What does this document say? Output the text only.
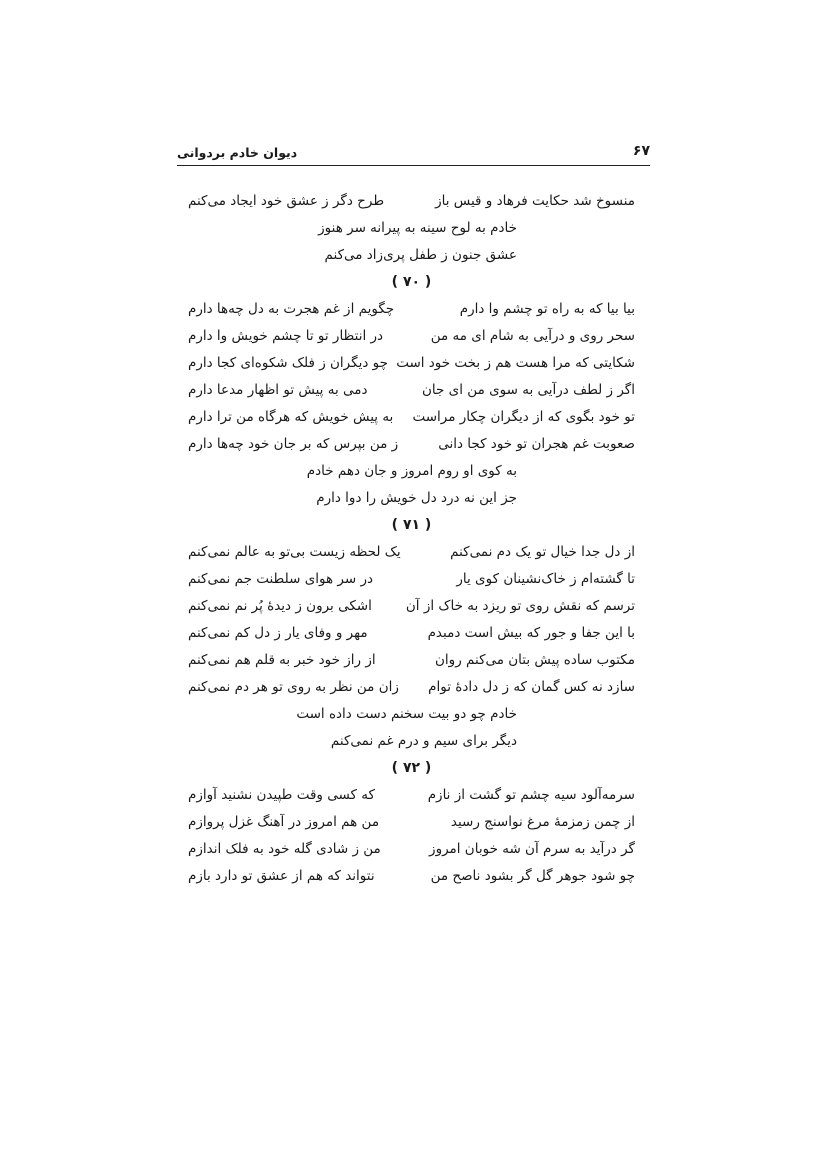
۶۷
دیوان خادم بردوانی
منسوخ شد حکایت فرهاد و قیس باز
طرح دگر ز عشق خود ایجاد می‌کنم
خادم به لوح سینه به پیرانه سر هنوز
عشق جنون ز طفل پری‌زاد می‌کنم
( ۷۰ )
بیا بیا که به راه تو چشم وا دارم
چگویم از غم هجرت به دل چه‌ها دارم
سحر روی و درآیی به شام ای مه من
در انتظار تو تا چشم خویش وا دارم
شکایتی که مرا هست هم ز بخت خود است
چو دیگران ز فلک شکوه‌ای کجا دارم
اگر ز لطف درآیی به سوی من ای جان
دمی به پیش تو اظهار مدعا دارم
تو خود بگوی که از دیگران چکار مراست
به پیش خویش که هرگاه من ترا دارم
صعوبت غم هجران تو خود کجا دانی
ز من بپرس که بر جان خود چه‌ها دارم
به کوی او روم امروز و جان دهم خادم
جز این نه درد دل خویش را دوا دارم
( ۷۱ )
از دل جدا خیال تو یک دم نمی‌کنم
یک لحظه زیست بی‌تو به عالم نمی‌کنم
تا گشته‌ام ز خاک‌نشینان کوی یار
در سر هوای سلطنت جم نمی‌کنم
ترسم که نقش روی تو ریزد به خاک از آن
اشکی برون ز دیدهٔ پُر نم نمی‌کنم
با این جفا و جور که بیش است دمبدم
مهر و وفای یار ز دل کم نمی‌کنم
مکتوب ساده پیش بتان می‌کنم روان
از راز خود خبر به قلم هم نمی‌کنم
سازد نه کس گمان که ز دل دادهٔ توام
زان من نظر به روی تو هر دم نمی‌کنم
خادم چو دو بیت سخنم دست داده است
دیگر برای سیم و درم غم نمی‌کنم
( ۷۲ )
سرمه‌آلود سیه چشم تو گشت از نازم
که کسی وقت طپیدن نشنید آوازم
از چمن زمزمهٔ مرغ نواسنج رسید
من هم امروز در آهنگ غزل پروازم
گر درآید به سرم آن شه خوبان امروز
من ز شادی گله خود به فلک اندازم
چو شود جوهر گل گر بشود ناصح من
نتواند که هم از عشق تو دارد بازم
